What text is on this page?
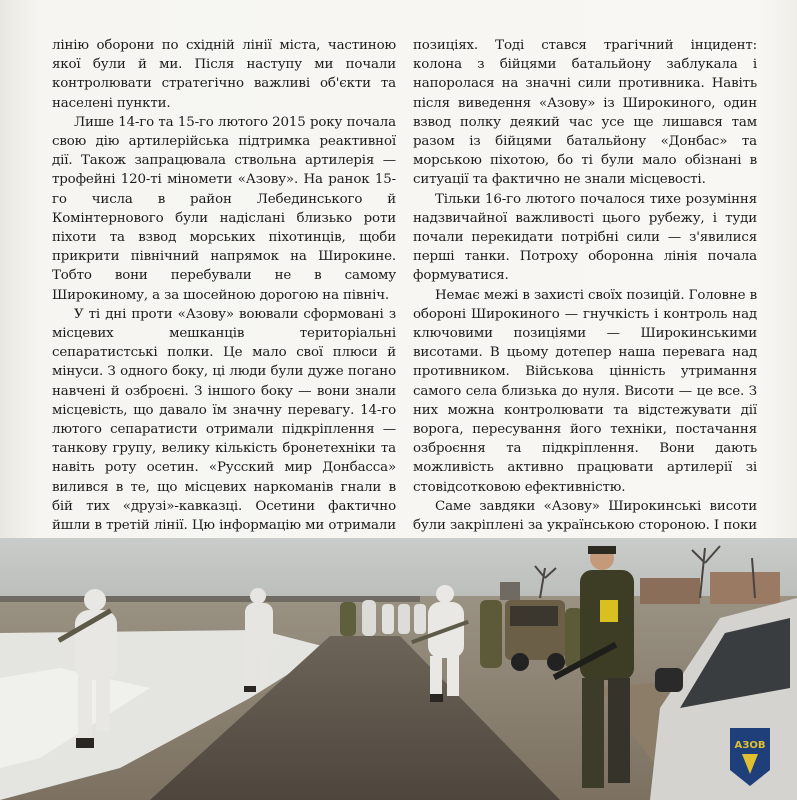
лінію оборони по східній лінії міста, частиною якої були й ми. Після наступу ми почали контролювати стратегічно важливі об'єкти та населені пункти.

Лише 14-го та 15-го лютого 2015 року почала свою дію артилерійська підтримка реактивної дії. Також запрацювала ствольна артилерія — трофейні 120-ті міномети «Азову». На ранок 15-го числа в район Лебединського й Комінтернового були надіслані близько роти піхоти та взвод морських піхотинців, щоби прикрити північний напрямок на Широкине. Тобто вони перебували не в самому Широкиному, а за шосейною дорогою на північ.

У ті дні проти «Азову» воювали сформовані з місцевих мешканців територіальні сепаратистські полки. Це мало свої плюси й мінуси. З одного боку, ці люди були дуже погано навчені й озброєні. З іншого боку — вони знали місцевість, що давало їм значну перевагу. 14-го лютого сепаратисти отримали підкріплення — танкову групу, велику кількість бронетехніки та навіть роту осетин. «Русский мир Донбасса» вилився в те, що місцевих наркоманів гнали в бій тих «друзі»-кавказці. Осетини фактично йшли в третій лінії. Цю інформацію ми отримали

позиціях. Тоді стався трагічний інцидент: колона з бійцями батальйону заблукала і напоролася на значні сили противника. Навіть після виведення «Азову» із Широкиного, один взвод полку деякий час усе ще лишався там разом із бійцями батальйону «Донбас» та морською піхотою, бо ті були мало обізнані в ситуації та фактично не знали місцевості.

Тільки 16-го лютого почалося тихе розуміння надзвичайної важливості цього рубежу, і туди почали перекидати потрібні сили — з'явилися перші танки. Потроху оборонна лінія почала формуватися.

Немає межі в захисті своїх позицій. Головне в обороні Широкиного — гнучкість і контроль над ключовими позиціями — Широкинськими висотами. В цьому дотепер наша перевага над противником. Військова цінність утримання самого села близька до нуля. Висоти — це все. З них можна контролювати та відстежувати дії ворога, пересування його техніки, постачання озброєння та підкріплення. Вони дають можливість активно працювати артилерії зі стовідсотковою ефективністю.

Саме завдяки «Азову» Широкинські висоти були закріплені за українською стороною. І поки

АЗОВ
